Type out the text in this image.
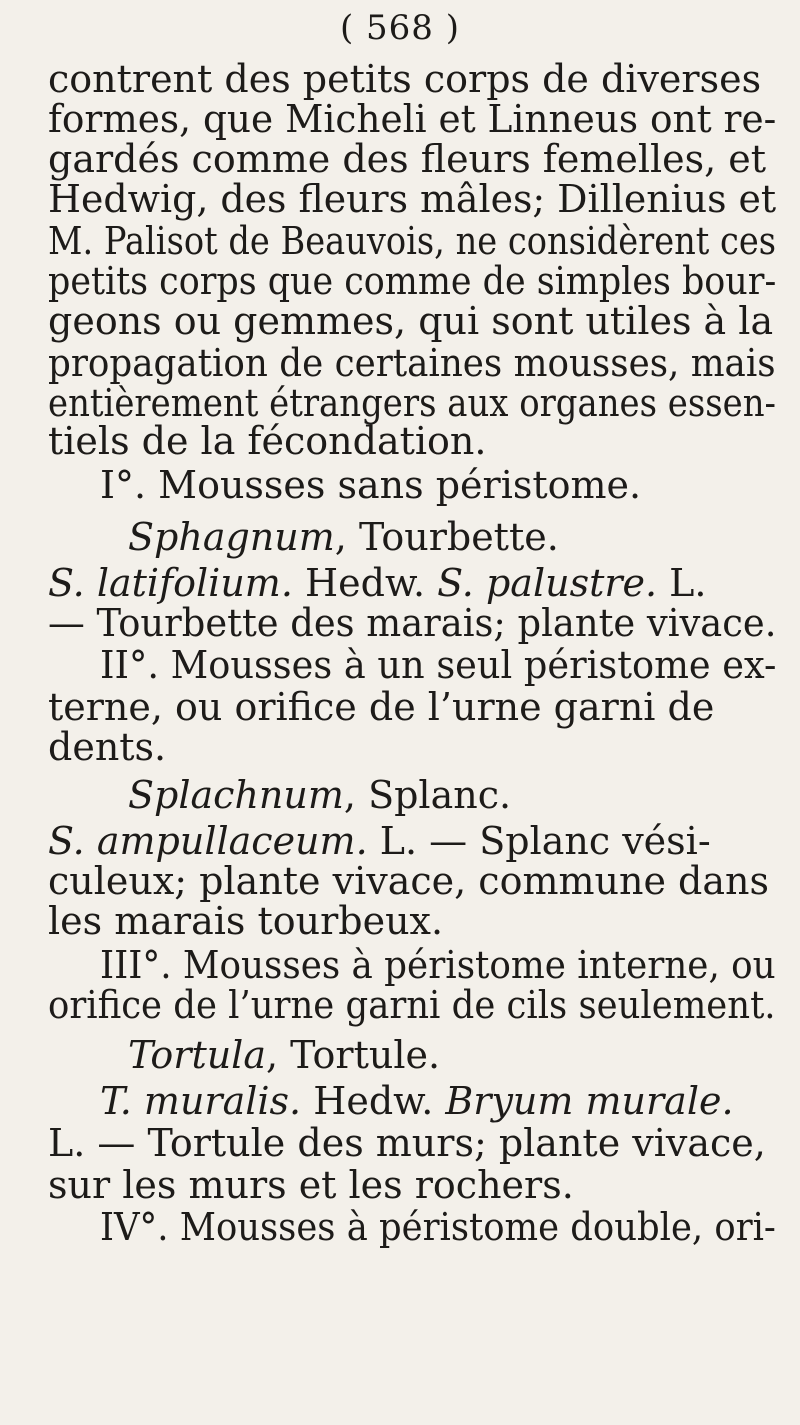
( 568 )
contrent des petits corps de diverses
formes, que Micheli et Linneus ont re-
gardés comme des fleurs femelles, et
Hedwig, des fleurs mâles; Dillenius et
M. Palisot de Beauvois, ne considèrent ces
petits corps que comme de simples bour-
geons ou gemmes, qui sont utiles à la
propagation de certaines mousses, mais
entièrement étrangers aux organes essen-
tiels de la fécondation.
I°. Mousses sans péristome.
Sphagnum, Tourbette.
S. latifolium. Hedw. S. palustre. L.
— Tourbette des marais; plante vivace.
II°. Mousses à un seul péristome ex-
terne, ou orifice de l’urne garni de
dents.
Splachnum, Splanc.
S. ampullaceum. L. — Splanc vési-
culeux; plante vivace, commune dans
les marais tourbeux.
III°. Mousses à péristome interne, ou
orifice de l’urne garni de cils seulement.
Tortula, Tortule.
T. muralis. Hedw. Bryum murale.
L. — Tortule des murs; plante vivace,
sur les murs et les rochers.
IV°. Mousses à péristome double, ori-
